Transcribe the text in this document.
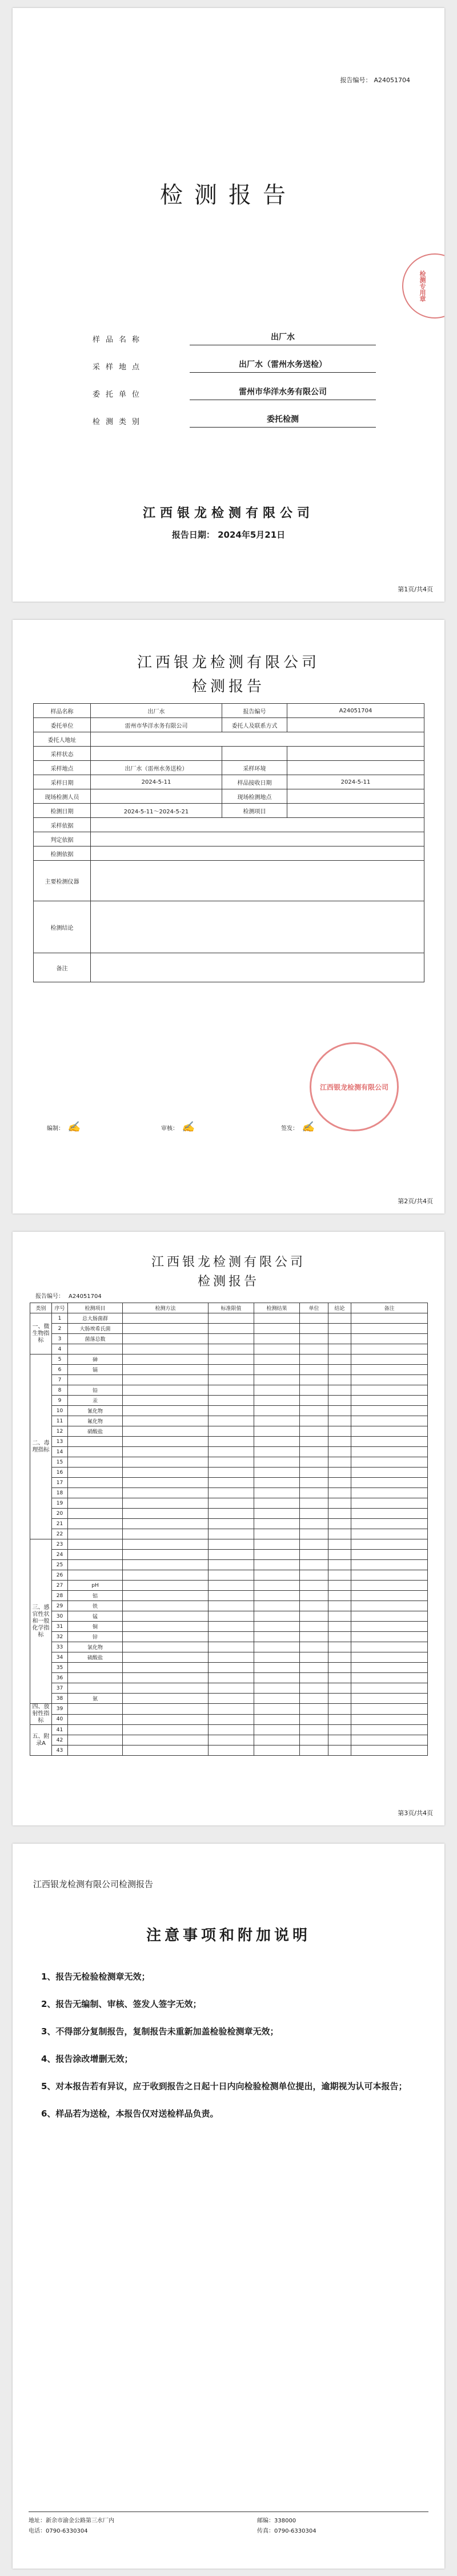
报告编号： A24051704
检测报告
样品名称	出厂水
采样地点	出厂水（雷州水务送检）
委托单位	雷州市华洋水务有限公司
检测类别	委托检测
江西银龙检测有限公司
报告日期： 2024年5月21日
检测专用章
第1页/共4页
江西银龙检测有限公司
检测报告
样品名称	出厂水	报告编号	A24051704
委托单位	雷州市华洋水务有限公司	委托人及联系方式	
委托人地址			
采样状态			
采样地点	出厂水（雷州水务送检）	采样环境	
采样日期	2024-5-11	样品接收日期	2024-5-11
现场检测人员		现场检测地点	
检测日期	2024-5-11～2024-5-21	检测项目	
采样依据			
判定依据			
检测依据			
主要检测仪器			
检测结论			
备注			
江西银龙检测有限公司
编制： ✍	审核： ✍	签发： ✍
第2页/共4页
江西银龙检测有限公司
检测报告
报告编号： A24051704
类别	序号	检测项目	检测方法	标准限值	检测结果	单位	结论	备注
一、微生物指标	1	总大肠菌群						
	2	大肠埃希氏菌						
	3	菌落总数						
	4							
二、毒理指标	5	砷						
	6	镉						
	7							
	8	铅						
	9	汞						
	10	氰化物						
	11	氟化物						
	12	硝酸盐						
	13							
	14							
	15							
	16							
	17							
	18							
	19							
	20							
	21							
	22							
三、感官性状和一般化学指标	23							
	24							
	25							
	26							
	27	pH						
	28	铝						
	29	铁						
	30	锰						
	31	铜						
	32	锌						
	33	氯化物						
	34	硫酸盐						
	35							
	36							
	37							
	38	氨						
四、放射性指标	39							
	40							
五、附录A	41							
	42							
	43							
第3页/共4页
江西银龙检测有限公司检测报告
注意事项和附加说明
1、报告无检验检测章无效；
2、报告无编制、审核、签发人签字无效；
3、不得部分复制报告，复制报告未重新加盖检验检测章无效；
4、报告涂改增删无效；
5、对本报告若有异议，应于收到报告之日起十日内向检验检测单位提出，逾期视为认可本报告；
6、样品若为送检，本报告仅对送检样品负责。
地址：新余市渝金公路第三水厂内	邮编：338000
电话：0790-6330304	传真：0790-6330304
